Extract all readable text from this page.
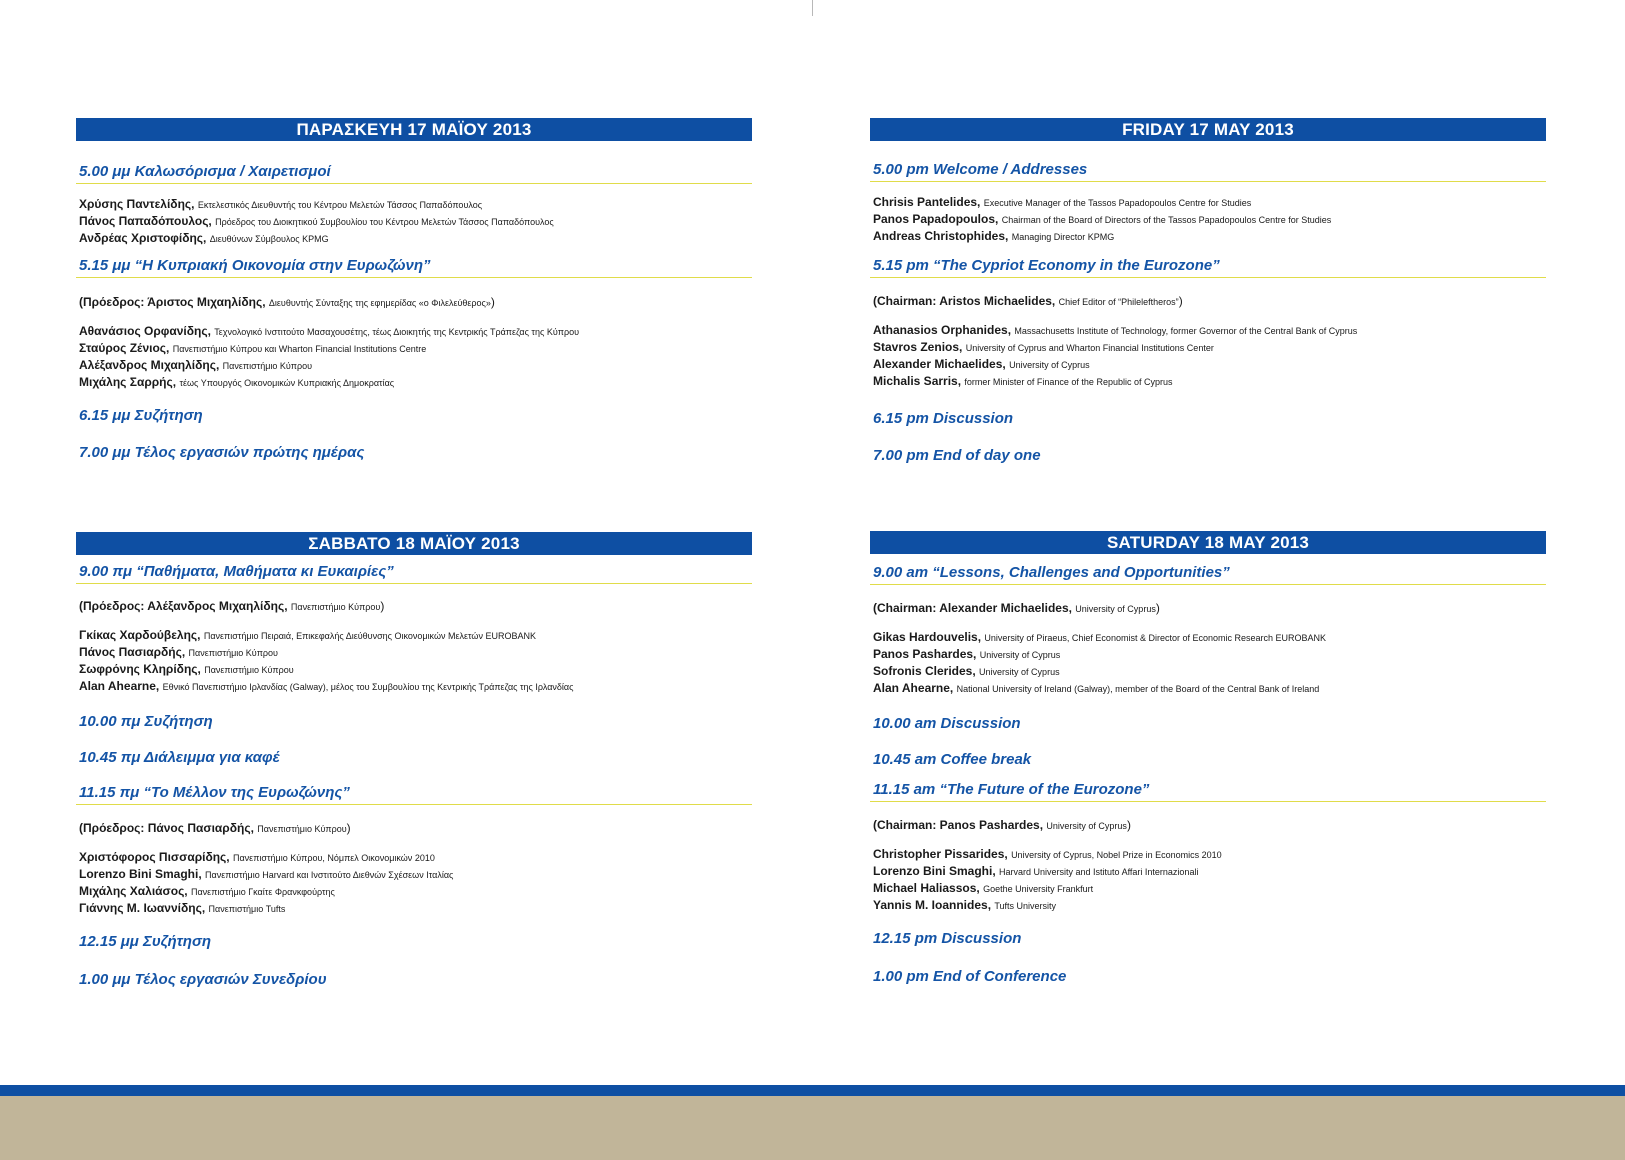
ΠΑΡΑΣΚΕΥΗ 17 ΜΑΪΟΥ 2013
5.00 μμ Καλωσόρισμα / Χαιρετισμοί
Χρύσης Παντελίδης, Εκτελεστικός Διευθυντής του Κέντρου Μελετών Τάσσος Παπαδόπουλος
Πάνος Παπαδόπουλος, Πρόεδρος του Διοικητικού Συμβουλίου του Κέντρου Μελετών Τάσσος Παπαδόπουλος
Ανδρέας Χριστοφίδης, Διευθύνων Σύμβουλος KPMG
5.15 μμ “Η Κυπριακή Οικονομία στην Ευρωζώνη”
(Πρόεδρος: Άριστος Μιχαηλίδης, Διευθυντής Σύνταξης της εφημερίδας «ο Φιλελεύθερος»)
Αθανάσιος Ορφανίδης, Τεχνολογικό Ινστιτούτο Μασαχουσέτης, τέως Διοικητής της Κεντρικής Τράπεζας της Κύπρου
Σταύρος Ζένιος, Πανεπιστήμιο Κύπρου και Wharton Financial Institutions Centre
Αλέξανδρος Μιχαηλίδης, Πανεπιστήμιο Κύπρου
Μιχάλης Σαρρής, τέως Υπουργός Οικονομικών Κυπριακής Δημοκρατίας
6.15 μμ Συζήτηση
7.00 μμ Τέλος εργασιών πρώτης ημέρας
FRIDAY 17 MAY 2013
5.00 pm Welcome / Addresses
Chrisis Pantelides, Executive Manager of the Tassos Papadopoulos Centre for Studies
Panos Papadopoulos, Chairman of the Board of Directors of the Tassos Papadopoulos Centre for Studies
Andreas Christophides, Managing Director KPMG
5.15 pm “The Cypriot Economy in the Eurozone”
(Chairman: Aristos Michaelides, Chief Editor of “Phileleftheros”)
Athanasios Orphanides, Massachusetts Institute of Technology, former Governor of the Central Bank of Cyprus
Stavros Zenios, University of Cyprus and Wharton Financial Institutions Center
Alexander Michaelides, University of Cyprus
Michalis Sarris, former Minister of Finance of the Republic of Cyprus
6.15 pm Discussion
7.00 pm End of day one
ΣΑΒΒΑΤΟ 18 ΜΑΪΟΥ 2013
9.00 πμ “Παθήματα, Μαθήματα κι Ευκαιρίες”
(Πρόεδρος: Αλέξανδρος Μιχαηλίδης, Πανεπιστήμιο Κύπρου)
Γκίκας Χαρδούβελης, Πανεπιστήμιο Πειραιά, Επικεφαλής Διεύθυνσης Οικονομικών Μελετών EUROBANK
Πάνος Πασιαρδής, Πανεπιστήμιο Κύπρου
Σωφρόνης Κληρίδης, Πανεπιστήμιο Κύπρου
Alan Ahearne, Εθνικό Πανεπιστήμιο Ιρλανδίας (Galway), μέλος του Συμβουλίου της Κεντρικής Τράπεζας της Ιρλανδίας
10.00 πμ Συζήτηση
10.45 πμ Διάλειμμα για καφέ
11.15 πμ “Το Μέλλον της Ευρωζώνης”
(Πρόεδρος: Πάνος Πασιαρδής, Πανεπιστήμιο Κύπρου)
Χριστόφορος Πισσαρίδης, Πανεπιστήμιο Κύπρου, Νόμπελ Οικονομικών 2010
Lorenzo Bini Smaghi, Πανεπιστήμιο Harvard και Ινστιτούτο Διεθνών Σχέσεων Ιταλίας
Μιχάλης Χαλιάσος, Πανεπιστήμιο Γκαίτε Φρανκφούρτης
Γιάννης Μ. Ιωαννίδης, Πανεπιστήμιο Tufts
12.15 μμ Συζήτηση
1.00 μμ Τέλος εργασιών Συνεδρίου
SATURDAY 18 MAY 2013
9.00 am “Lessons, Challenges and Opportunities”
(Chairman: Alexander Michaelides, University of Cyprus)
Gikas Hardouvelis, University of Piraeus, Chief Economist & Director of Economic Research EUROBANK
Panos Pashardes, University of Cyprus
Sofronis Clerides, University of Cyprus
Alan Ahearne, National University of Ireland (Galway), member of the Board of the Central Bank of Ireland
10.00 am Discussion
10.45 am Coffee break
11.15 am “The Future of the Eurozone”
(Chairman: Panos Pashardes, University of Cyprus)
Christopher Pissarides, University of Cyprus, Nobel Prize in Economics 2010
Lorenzo Bini Smaghi, Harvard University and Istituto Affari Internazionali
Michael Haliassos, Goethe University Frankfurt
Yannis M. Ioannides, Tufts University
12.15 pm Discussion
1.00 pm End of Conference
